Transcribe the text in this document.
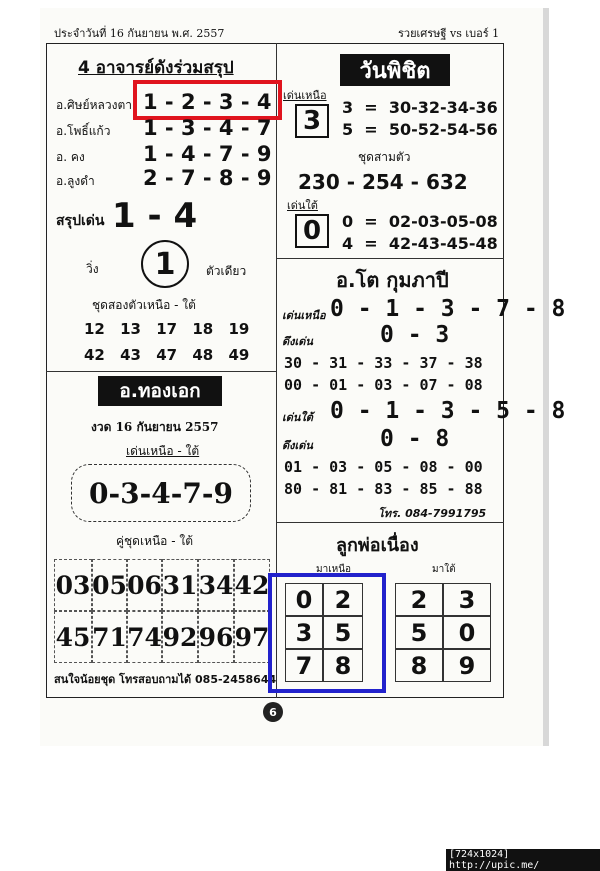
ประจำวันที่ 16 กันยายน พ.ศ. 2557	รวยเศรษฐี vs เบอร์ 1
4 อาจารย์ดังร่วมสรุป
อ.ศิษย์หลวงตา 1 - 2 - 3 - 4
อ.โพธิ์แก้ว 1 - 3 - 4 - 7
อ. คง	1 - 4 - 7 - 9
อ.ลูงดำ 2 - 7 - 8 - 9
สรุปเด่น 1 - 4
วิ่ง	1	ตัวเดียว
ชุดสองตัวเหนือ - ใต้
12 13 17 18 19
42 43 47 48 49
อ.ทองเอก
งวด 16 กันยายน 2557
เด่นเหนือ - ใต้
0-3-4-7-9
คู่ชุดเหนือ - ใต้
03 05 06 31 34 42
45 71 74 92 96 97
สนใจน้อยชุด โทรสอบถามได้ 085-2458644
วันพิชิต
เด่นเหนือ
3	3  =  30-32-34-36
5  =  50-52-54-56
ชุดสามตัว
230 - 254 - 632
เด่นใต้
0	0  =  02-03-05-08
4  =  42-43-45-48
อ.โต กุมภาปี
เด่นเหนือ 0 - 1 - 3 - 7 - 8
ดึงเด่น	0 - 3
30 - 31 - 33 - 37 - 38
00 - 01 - 03 - 07 - 08
เด่นใต้ 0 - 1 - 3 - 5 - 8
ดึงเด่น	0 - 8
01 - 03 - 05 - 08 - 00
80 - 81 - 83 - 85 - 88
โทร. 084-7991795
ลูกพ่อเนื่อง
มาเหนือ	มาใต้
0 2
3 5
7 8
2	3
5	0
8	9
6
[724x1024] http://upic.me/
